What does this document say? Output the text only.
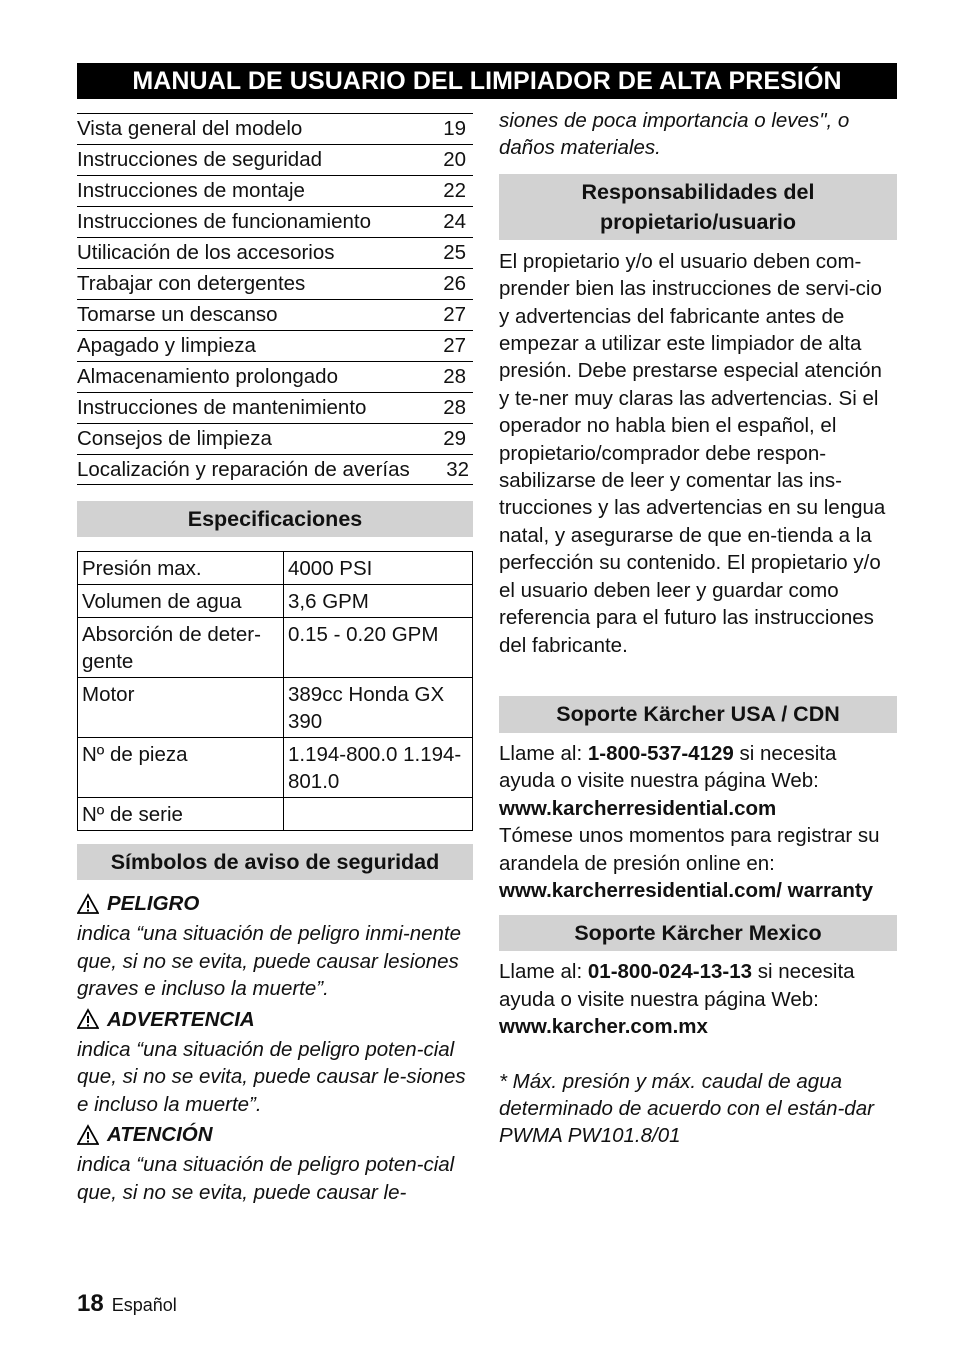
MANUAL DE USUARIO DEL LIMPIADOR DE ALTA PRESIÓN
Vista general del modelo	19
Instrucciones de seguridad	20
Instrucciones de montaje	22
Instrucciones de funcionamiento	24
Utilicación de los accesorios	25
Trabajar con detergentes	26
Tomarse un descanso	27
Apagado y limpieza	27
Almacenamiento prolongado	28
Instrucciones de mantenimiento	28
Consejos de limpieza	29
Localización y reparación de averías 32
Especificaciones
Presión max.	4000 PSI
Volumen de agua	3,6 GPM
Absorción de deter-gente	0.15 - 0.20 GPM
Motor	389cc Honda GX 390
Nº de pieza	1.194-800.0 1.194-801.0
Nº de serie	
Símbolos de aviso de seguridad
PELIGRO
indica “una situación de peligro inmi-nente que, si no se evita, puede causar lesiones graves e incluso la muerte”.
ADVERTENCIA
indica “una situación de peligro poten-cial que, si no se evita, puede causar le-siones e incluso la muerte”.
ATENCIÓN
indica “una situación de peligro poten-cial que, si no se evita, puede causar le-
siones de poca importancia o leves", o daños materiales.
Responsabilidades del propietario/usuario
El propietario y/o el usuario deben com-prender bien las instrucciones de servi-cio y advertencias del fabricante antes de empezar a utilizar este limpiador de alta presión. Debe prestarse especial atención y te-ner muy claras las advertencias. Si el operador no habla bien el español, el propietario/comprador debe respon-sabilizarse de leer y comentar las ins-trucciones y las advertencias en su lengua natal, y asegurarse de que en-tienda a la perfección su contenido. El propietario y/o el usuario deben leer y guardar como referencia para el futuro las instrucciones del fabricante.
Soporte Kärcher USA / CDN
Llame al: 1-800-537-4129 si necesita ayuda o visite nuestra página Web:
www.karcherresidential.com
Tómese unos momentos para registrar su arandela de presión online en:
www.karcherresidential.com/ warranty
Soporte Kärcher Mexico
Llame al: 01-800-024-13-13 si necesita ayuda o visite nuestra página Web:
www.karcher.com.mx
* Máx. presión y máx. caudal de agua determinado de acuerdo con el están-dar PWMA PW101.8/01
18 Español
